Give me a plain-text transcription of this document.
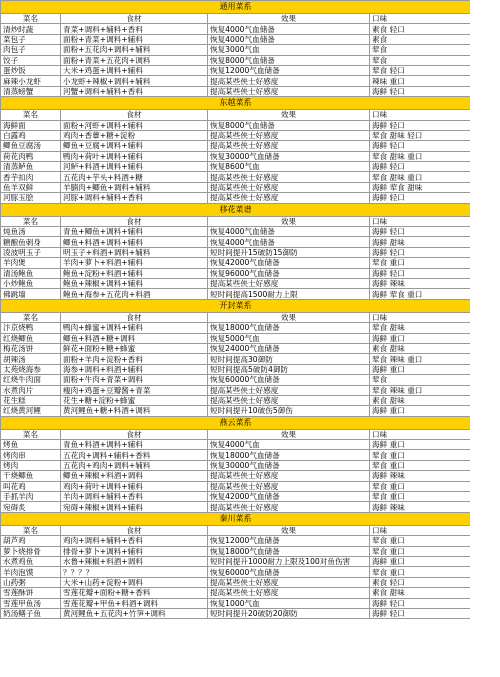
通用菜系			
菜名	食材	效果	口味
清炒时蔬	青菜+调料+辅料+香料	恢复4000气血储备	素食 轻口
菜包子	面粉+青菜+调料+辅料	恢复4000气血储备	素食
肉包子	面粉+五花肉+调料+辅料	恢复3000气血	荤食
饺子	面粉+青菜+五花肉+调料	恢复8000气血储备	荤食
蛋炒饭	大米+鸡蛋+调料+辅料	恢复12000气血储备	荤食 轻口
麻辣小龙虾	小龙虾+辣椒+调料+辅料	提高某些侠士好感度	辣味 重口
清蒸螃蟹	河蟹+调料+辅料+香料	提高某些侠士好感度	海鲜 轻口
东越菜系			
菜名	食材	效果	口味
海鲜面	面粉+河虾+调料+辅料	恢复8000气血储备	海鲜 轻口
白露鸡	鸡肉+香蕈+糖+淀粉	提高某些侠士好感度	荤食 甜味 轻口
鲫鱼豆腐汤	鲫鱼+豆腐+调料+辅料	提高某些侠士好感度	海鲜 轻口
荷花肉鸭	鸭肉+荷叶+调料+辅料	恢复30000气血储备	荤食 甜味 重口
清蒸鲈鱼	河鲈+料酒+调料+辅料	恢复8600气血	海鲜 轻口
香芋扣肉	五花肉+芋头+料酒+糖	提高某些侠士好感度	荤食 甜味 重口
鱼羊双鲜	羊腩肉+鲫鱼+调料+辅料	提高某些侠士好感度	海鲜 荤食 甜味
河豚玉脍	河豚+调料+辅料+香料	提高某些侠士好感度	海鲜 轻口
移花菜谱			
菜名	食材	效果	口味
炖鱼汤	青鱼+鲫鱼+调料+辅料	恢复4000气血储备	海鲜 轻口
糖酿鱼刺身	鲫鱼+料酒+调料+辅料	恢复4000气血储备	海鲜 甜味
凌波明玉子	明玉子+料酒+调料+辅料	短时间提升15破防15御防	海鲜 轻口
羊肉煲	羊肉+萝卜+料酒+辅料	恢复42000气血储备	荤食 重口
清汤鲍鱼	鲍鱼+淀粉+料酒+辅料	恢复96000气血储备	海鲜 轻口
小炒鲍鱼	鲍鱼+辣椒+调料+辅料	提高某些侠士好感度	海鲜 辣味
佛跳墙	鲍鱼+海参+五花肉+料酒	短时间提高1500耐力上限	海鲜 荤食 重口
开封菜系			
菜名	食材	效果	口味
汴京烧鸭	鸭肉+蜂蜜+调料+辅料	恢复18000气血储备	荤食 甜味
红烧鲫鱼	鲫鱼+料酒+糖+调料	恢复5000气血	海鲜 重口
梅花汤饼	鲜花+面粉+糖+蜂蜜	恢复24000气血储备	素食 甜味
胡辣汤	面粉+羊肉+淀粉+香料	短时间提高30御防	荤食 辣味 重口
太苑烧海参	海参+调料+料酒+辅料	短时间提高5破防4御防	海鲜 重口
红烧牛肉面	面粉+牛肉+青菜+调料	恢复60000气血储备	荤食
水煮肉片	瘦肉+鸡蛋+豆瓣酱+青菜	提高某些侠士好感度	荤食 辣味 重口
花生糕	花生+糖+淀粉+蜂蜜	提高某些侠士好感度	素食 甜味
红烧黄河鲤	黄河鲤鱼+糖+料酒+调料	短时间提升10破伤5御伤	海鲜 重口
燕云菜系			
菜名	食材	效果	口味
烤鱼	青鱼+料酒+调料+辅料	恢复4000气血	海鲜 重口
烤肉串	五花肉+调料+辅料+香料	恢复18000气血储备	荤食 重口
烤肉	五花肉+鸡肉+调料+辅料	恢复30000气血储备	荤食 重口
干烧鲫鱼	鲫鱼+辣椒+料酒+调料	提高某些侠士好感度	海鲜 辣味
叫花鸡	鸡肉+荷叶+调料+辅料	提高某些侠士好感度	荤食 重口
手抓羊肉	羊肉+调料+辅料+香料	恢复42000气血储备	荤食 重口
宛碍炙	宛碍+辣椒+调料+辅料	提高某些侠士好感度	海鲜 辣味
秦川菜系			
菜名	食材	效果	口味
葫芦鸡	鸡肉+调料+辅料+香料	恢复12000气血储备	荤食 重口
萝卜烧排骨	排骨+萝卜+调料+辅料	恢复18000气血储备	荤食 重口
水煮鸡鱼	水鲁+辣椒+料酒+调料	短时间提升1000耐力上限及100对鱼伤害	海鲜 重口
羊肉泡馍	？？？？	恢复60000气血储备	荤食 重口
山药粥	大米+山药+淀粉+调料	提高某些侠士好感度	素食 轻口
雪莲酥饼	雪莲花瓣+面粉+糖+香料	提高某些侠士好感度	素食 甜味
雪莲甲鱼汤	雪莲花瓣+甲鱼+料酒+调料	恢复1000气血	海鲜 轻口
奶汤鳝子鱼	黄河鲤鱼+五花肉+竹笋+调料	短时间提升20破防20御防	海鲜 轻口
